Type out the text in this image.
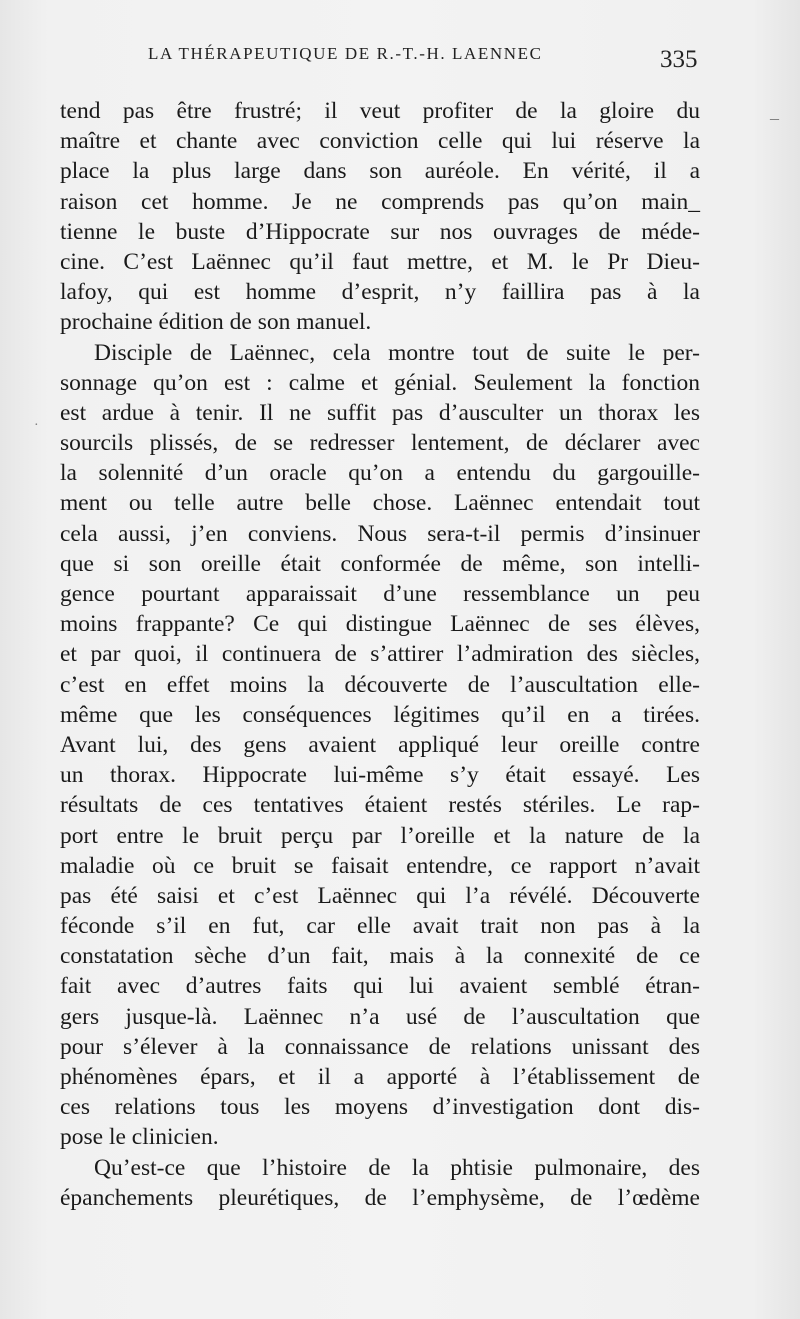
LA THÉRAPEUTIQUE DE R.-T.-H. LAENNEC	335
–
·
tend pas être frustré; il veut profiter de la gloire du
maître et chante avec conviction celle qui lui réserve la
place la plus large dans son auréole. En vérité, il a
raison cet homme. Je ne comprends pas qu’on main_
tienne le buste d’Hippocrate sur nos ouvrages de méde-
cine. C’est Laënnec qu’il faut mettre, et M. le Pr Dieu-
lafoy, qui est homme d’esprit, n’y faillira pas à la
prochaine édition de son manuel.
Disciple de Laënnec, cela montre tout de suite le per-
sonnage qu’on est : calme et génial. Seulement la fonction
est ardue à tenir. Il ne suffit pas d’ausculter un thorax les
sourcils plissés, de se redresser lentement, de déclarer avec
la solennité d’un oracle qu’on a entendu du gargouille-
ment ou telle autre belle chose. Laënnec entendait tout
cela aussi, j’en conviens. Nous sera-t-il permis d’insinuer
que si son oreille était conformée de même, son intelli-
gence pourtant apparaissait d’une ressemblance un peu
moins frappante? Ce qui distingue Laënnec de ses élèves,
et par quoi, il continuera de s’attirer l’admiration des siècles,
c’est en effet moins la découverte de l’auscultation elle-
même que les conséquences légitimes qu’il en a tirées.
Avant lui, des gens avaient appliqué leur oreille contre
un thorax. Hippocrate lui-même s’y était essayé. Les
résultats de ces tentatives étaient restés stériles. Le rap-
port entre le bruit perçu par l’oreille et la nature de la
maladie où ce bruit se faisait entendre, ce rapport n’avait
pas été saisi et c’est Laënnec qui l’a révélé. Découverte
féconde s’il en fut, car elle avait trait non pas à la
constatation sèche d’un fait, mais à la connexité de ce
fait avec d’autres faits qui lui avaient semblé étran-
gers jusque-là. Laënnec n’a usé de l’auscultation que
pour s’élever à la connaissance de relations unissant des
phénomènes épars, et il a apporté à l’établissement de
ces relations tous les moyens d’investigation dont dis-
pose le clinicien.
Qu’est-ce que l’histoire de la phtisie pulmonaire, des
épanchements pleurétiques, de l’emphysème, de l’œdème
